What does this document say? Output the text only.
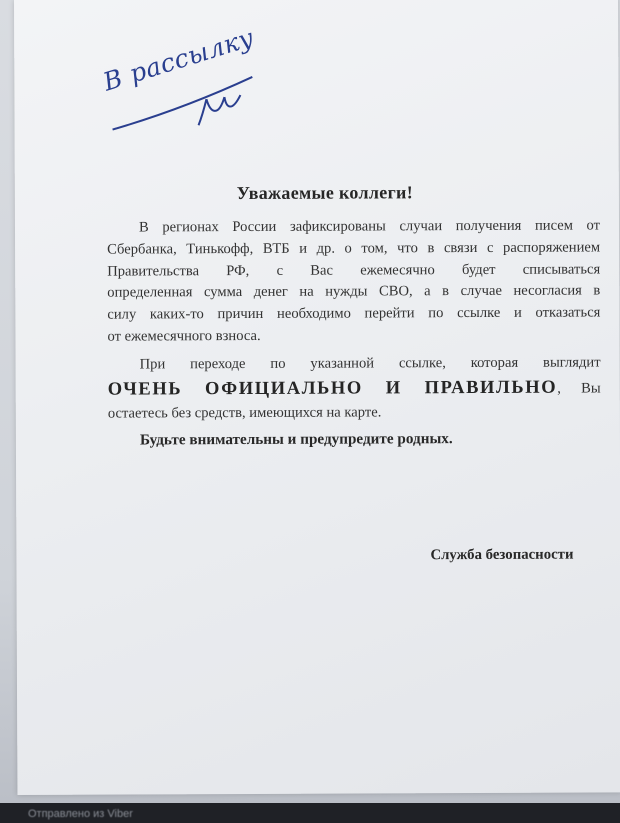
В рассылку
Уважаемые коллеги!
В регионах России зафиксированы случаи получения писем от
Сбербанка, Тинькофф, ВТБ и др. о том, что в связи с распоряжением
Правительства РФ, с Вас ежемесячно будет списываться
определенная сумма денег на нужды СВО, а в случае несогласия в
силу каких-то причин необходимо перейти по ссылке и отказаться
от ежемесячного взноса.
При переходе по указанной ссылке, которая выглядит
ОЧЕНЬ ОФИЦИАЛЬНО И ПРАВИЛЬНО, Вы
остаетесь без средств, имеющихся на карте.
Будьте внимательны и предупредите родных.
Служба безопасности
Отправлено из Viber
